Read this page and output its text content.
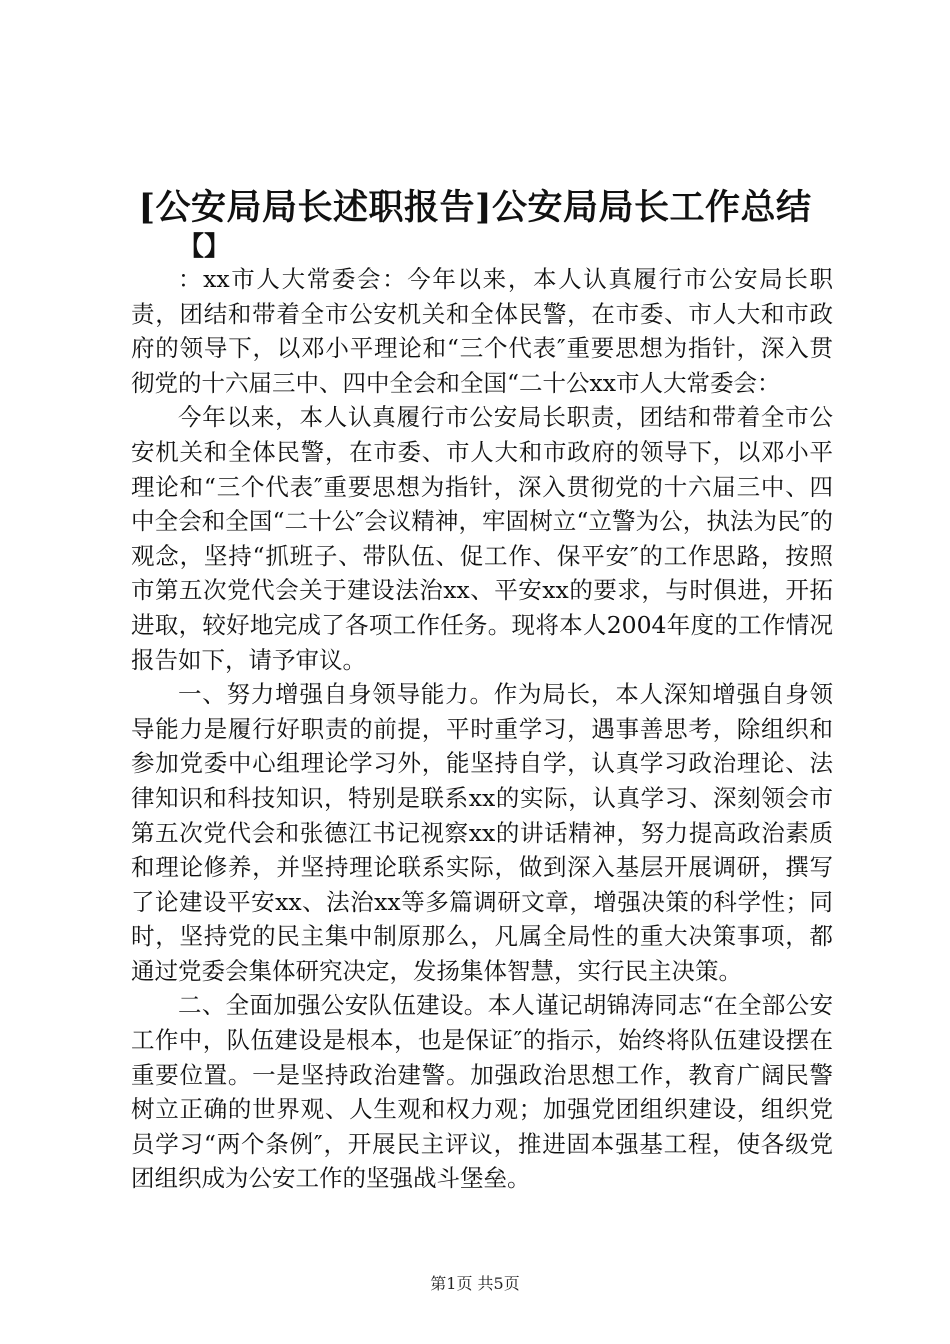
[公安局局长述职报告]公安局局长工作总结
【】

：xx市人大常委会：今年以来，本人认真履行市公安局长职责，团结和带着全市公安机关和全体民警，在市委、市人大和市政府的领导下，以邓小平理论和“三个代表″重要思想为指针，深入贯彻党的十六届三中、四中全会和全国“二十公xx市人大常委会：

今年以来，本人认真履行市公安局长职责，团结和带着全市公安机关和全体民警，在市委、市人大和市政府的领导下，以邓小平理论和“三个代表″重要思想为指针，深入贯彻党的十六届三中、四中全会和全国“二十公″会议精神，牢固树立“立警为公，执法为民″的观念，坚持“抓班子、带队伍、促工作、保平安″的工作思路，按照市第五次党代会关于建设法治xx、平安xx的要求，与时俱进，开拓进取，较好地完成了各项工作任务。现将本人2004年度的工作情况报告如下，请予审议。

一、努力增强自身领导能力。作为局长，本人深知增强自身领导能力是履行好职责的前提，平时重学习，遇事善思考，除组织和参加党委中心组理论学习外，能坚持自学，认真学习政治理论、法律知识和科技知识，特别是联系xx的实际，认真学习、深刻领会市第五次党代会和张德江书记视察xx的讲话精神，努力提高政治素质和理论修养，并坚持理论联系实际，做到深入基层开展调研，撰写了论建设平安xx、法治xx等多篇调研文章，增强决策的科学性；同时，坚持党的民主集中制原那么，凡属全局性的重大决策事项，都通过党委会集体研究决定，发扬集体智慧，实行民主决策。

二、全面加强公安队伍建设。本人谨记胡锦涛同志“在全部公安工作中，队伍建设是根本，也是保证″的指示，始终将队伍建设摆在重要位置。一是坚持政治建警。加强政治思想工作，教育广阔民警树立正确的世界观、人生观和权力观；加强党团组织建设，组织党员学习“两个条例″，开展民主评议，推进固本强基工程，使各级党团组织成为公安工作的坚强战斗堡垒。

第1页 共5页
